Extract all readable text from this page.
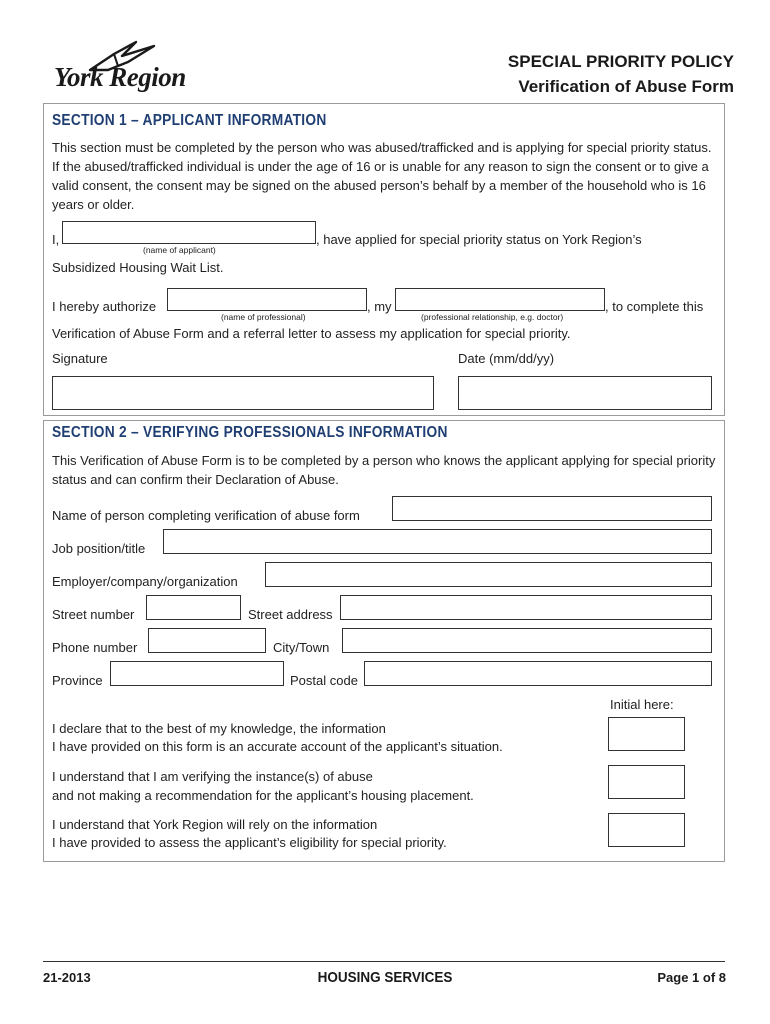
York Region
SPECIAL PRIORITY POLICY
Verification of Abuse Form
SECTION 1 – APPLICANT INFORMATION
This section must be completed by the person who was abused/trafficked and is applying for special priority status. If the abused/trafficked individual is under the age of 16 or is unable for any reason to sign the consent or to give a valid consent, the consent may be signed on the abused person’s behalf by a member of the household who is 16 years or older.
I,
(name of applicant)
, have applied for special priority status on York Region’s
Subsidized Housing Wait List.
I hereby authorize
(name of professional)
, my
(professional relationship, e.g. doctor)
, to complete this
Verification of Abuse Form and a referral letter to assess my application for special priority.
Signature	Date (mm/dd/yy)
SECTION 2 – VERIFYING PROFESSIONALS INFORMATION
This Verification of Abuse Form is to be completed by a person who knows the applicant applying for special priority status and can confirm their Declaration of Abuse.
Name of person completing verification of abuse form
Job position/title
Employer/company/organization
Street number	Street address
Phone number	City/Town
Province	Postal code
Initial here:
I declare that to the best of my knowledge, the information
I have provided on this form is an accurate account of the applicant’s situation.
I understand that I am verifying the instance(s) of abuse
and not making a recommendation for the applicant’s housing placement.
I understand that York Region will rely on the information
I have provided to assess the applicant’s eligibility for special priority.
21-2013	HOUSING SERVICES	Page 1 of 8
